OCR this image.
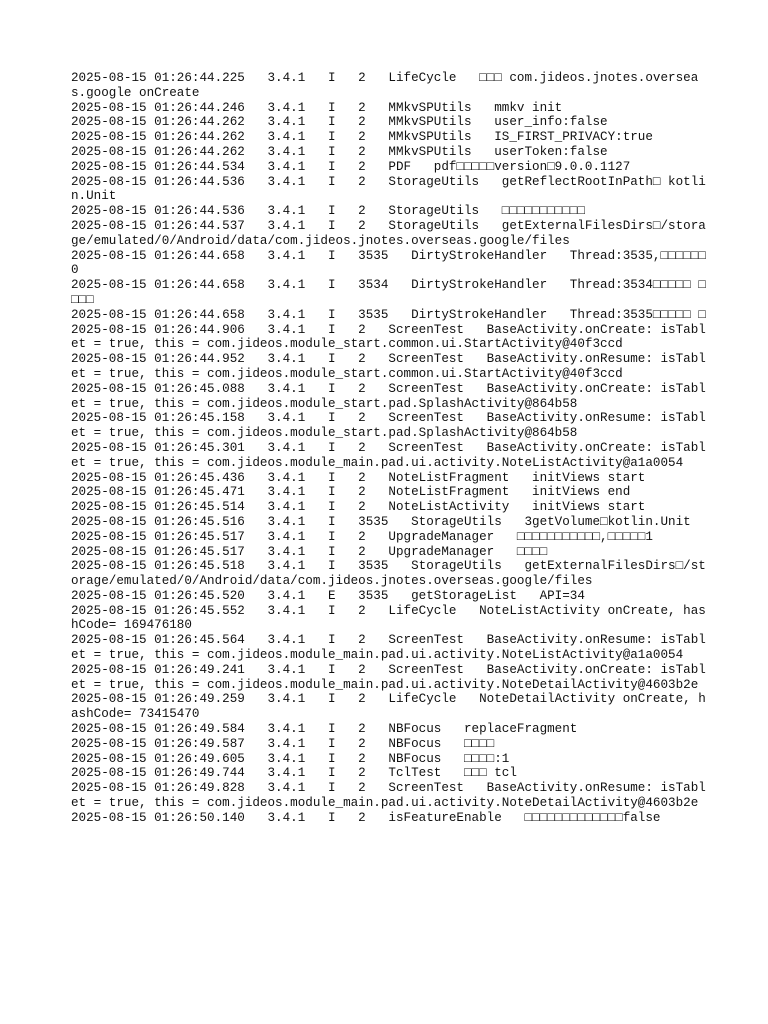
2025-08-15 01:26:44.225   3.4.1   I   2   LifeCycle   □□□ com.jideos.jnotes.overseas.google onCreate
2025-08-15 01:26:44.246   3.4.1   I   2   MMkvSPUtils   mmkv init
2025-08-15 01:26:44.262   3.4.1   I   2   MMkvSPUtils   user_info:false
2025-08-15 01:26:44.262   3.4.1   I   2   MMkvSPUtils   IS_FIRST_PRIVACY:true
2025-08-15 01:26:44.262   3.4.1   I   2   MMkvSPUtils   userToken:false
2025-08-15 01:26:44.534   3.4.1   I   2   PDF   pdf□□□□□version□9.0.0.1127
2025-08-15 01:26:44.536   3.4.1   I   2   StorageUtils   getReflectRootInPath□ kotlin.Unit
2025-08-15 01:26:44.536   3.4.1   I   2   StorageUtils   □□□□□□□□□□□
2025-08-15 01:26:44.537   3.4.1   I   2   StorageUtils   getExternalFilesDirs□/storage/emulated/0/Android/data/com.jideos.jnotes.overseas.google/files
2025-08-15 01:26:44.658   3.4.1   I   3535   DirtyStrokeHandler   Thread:3535,□□□□□□0
2025-08-15 01:26:44.658   3.4.1   I   3534   DirtyStrokeHandler   Thread:3534□□□□□ □□□□
2025-08-15 01:26:44.658   3.4.1   I   3535   DirtyStrokeHandler   Thread:3535□□□□□ □
2025-08-15 01:26:44.906   3.4.1   I   2   ScreenTest   BaseActivity.onCreate: isTablet = true, this = com.jideos.module_start.common.ui.StartActivity@40f3ccd
2025-08-15 01:26:44.952   3.4.1   I   2   ScreenTest   BaseActivity.onResume: isTablet = true, this = com.jideos.module_start.common.ui.StartActivity@40f3ccd
2025-08-15 01:26:45.088   3.4.1   I   2   ScreenTest   BaseActivity.onCreate: isTablet = true, this = com.jideos.module_start.pad.SplashActivity@864b58
2025-08-15 01:26:45.158   3.4.1   I   2   ScreenTest   BaseActivity.onResume: isTablet = true, this = com.jideos.module_start.pad.SplashActivity@864b58
2025-08-15 01:26:45.301   3.4.1   I   2   ScreenTest   BaseActivity.onCreate: isTablet = true, this = com.jideos.module_main.pad.ui.activity.NoteListActivity@a1a0054
2025-08-15 01:26:45.436   3.4.1   I   2   NoteListFragment   initViews start
2025-08-15 01:26:45.471   3.4.1   I   2   NoteListFragment   initViews end
2025-08-15 01:26:45.514   3.4.1   I   2   NoteListActivity   initViews start
2025-08-15 01:26:45.516   3.4.1   I   3535   StorageUtils   3getVolume□kotlin.Unit
2025-08-15 01:26:45.517   3.4.1   I   2   UpgradeManager   □□□□□□□□□□□,□□□□□1
2025-08-15 01:26:45.517   3.4.1   I   2   UpgradeManager   □□□□
2025-08-15 01:26:45.518   3.4.1   I   3535   StorageUtils   getExternalFilesDirs□/storage/emulated/0/Android/data/com.jideos.jnotes.overseas.google/files
2025-08-15 01:26:45.520   3.4.1   E   3535   getStorageList   API=34
2025-08-15 01:26:45.552   3.4.1   I   2   LifeCycle   NoteListActivity onCreate, hashCode= 169476180
2025-08-15 01:26:45.564   3.4.1   I   2   ScreenTest   BaseActivity.onResume: isTablet = true, this = com.jideos.module_main.pad.ui.activity.NoteListActivity@a1a0054
2025-08-15 01:26:49.241   3.4.1   I   2   ScreenTest   BaseActivity.onCreate: isTablet = true, this = com.jideos.module_main.pad.ui.activity.NoteDetailActivity@4603b2e
2025-08-15 01:26:49.259   3.4.1   I   2   LifeCycle   NoteDetailActivity onCreate, hashCode= 73415470
2025-08-15 01:26:49.584   3.4.1   I   2   NBFocus   replaceFragment
2025-08-15 01:26:49.587   3.4.1   I   2   NBFocus   □□□□
2025-08-15 01:26:49.605   3.4.1   I   2   NBFocus   □□□□:1
2025-08-15 01:26:49.744   3.4.1   I   2   TclTest   □□□ tcl
2025-08-15 01:26:49.828   3.4.1   I   2   ScreenTest   BaseActivity.onResume: isTablet = true, this = com.jideos.module_main.pad.ui.activity.NoteDetailActivity@4603b2e
2025-08-15 01:26:50.140   3.4.1   I   2   isFeatureEnable   □□□□□□□□□□□□□false
